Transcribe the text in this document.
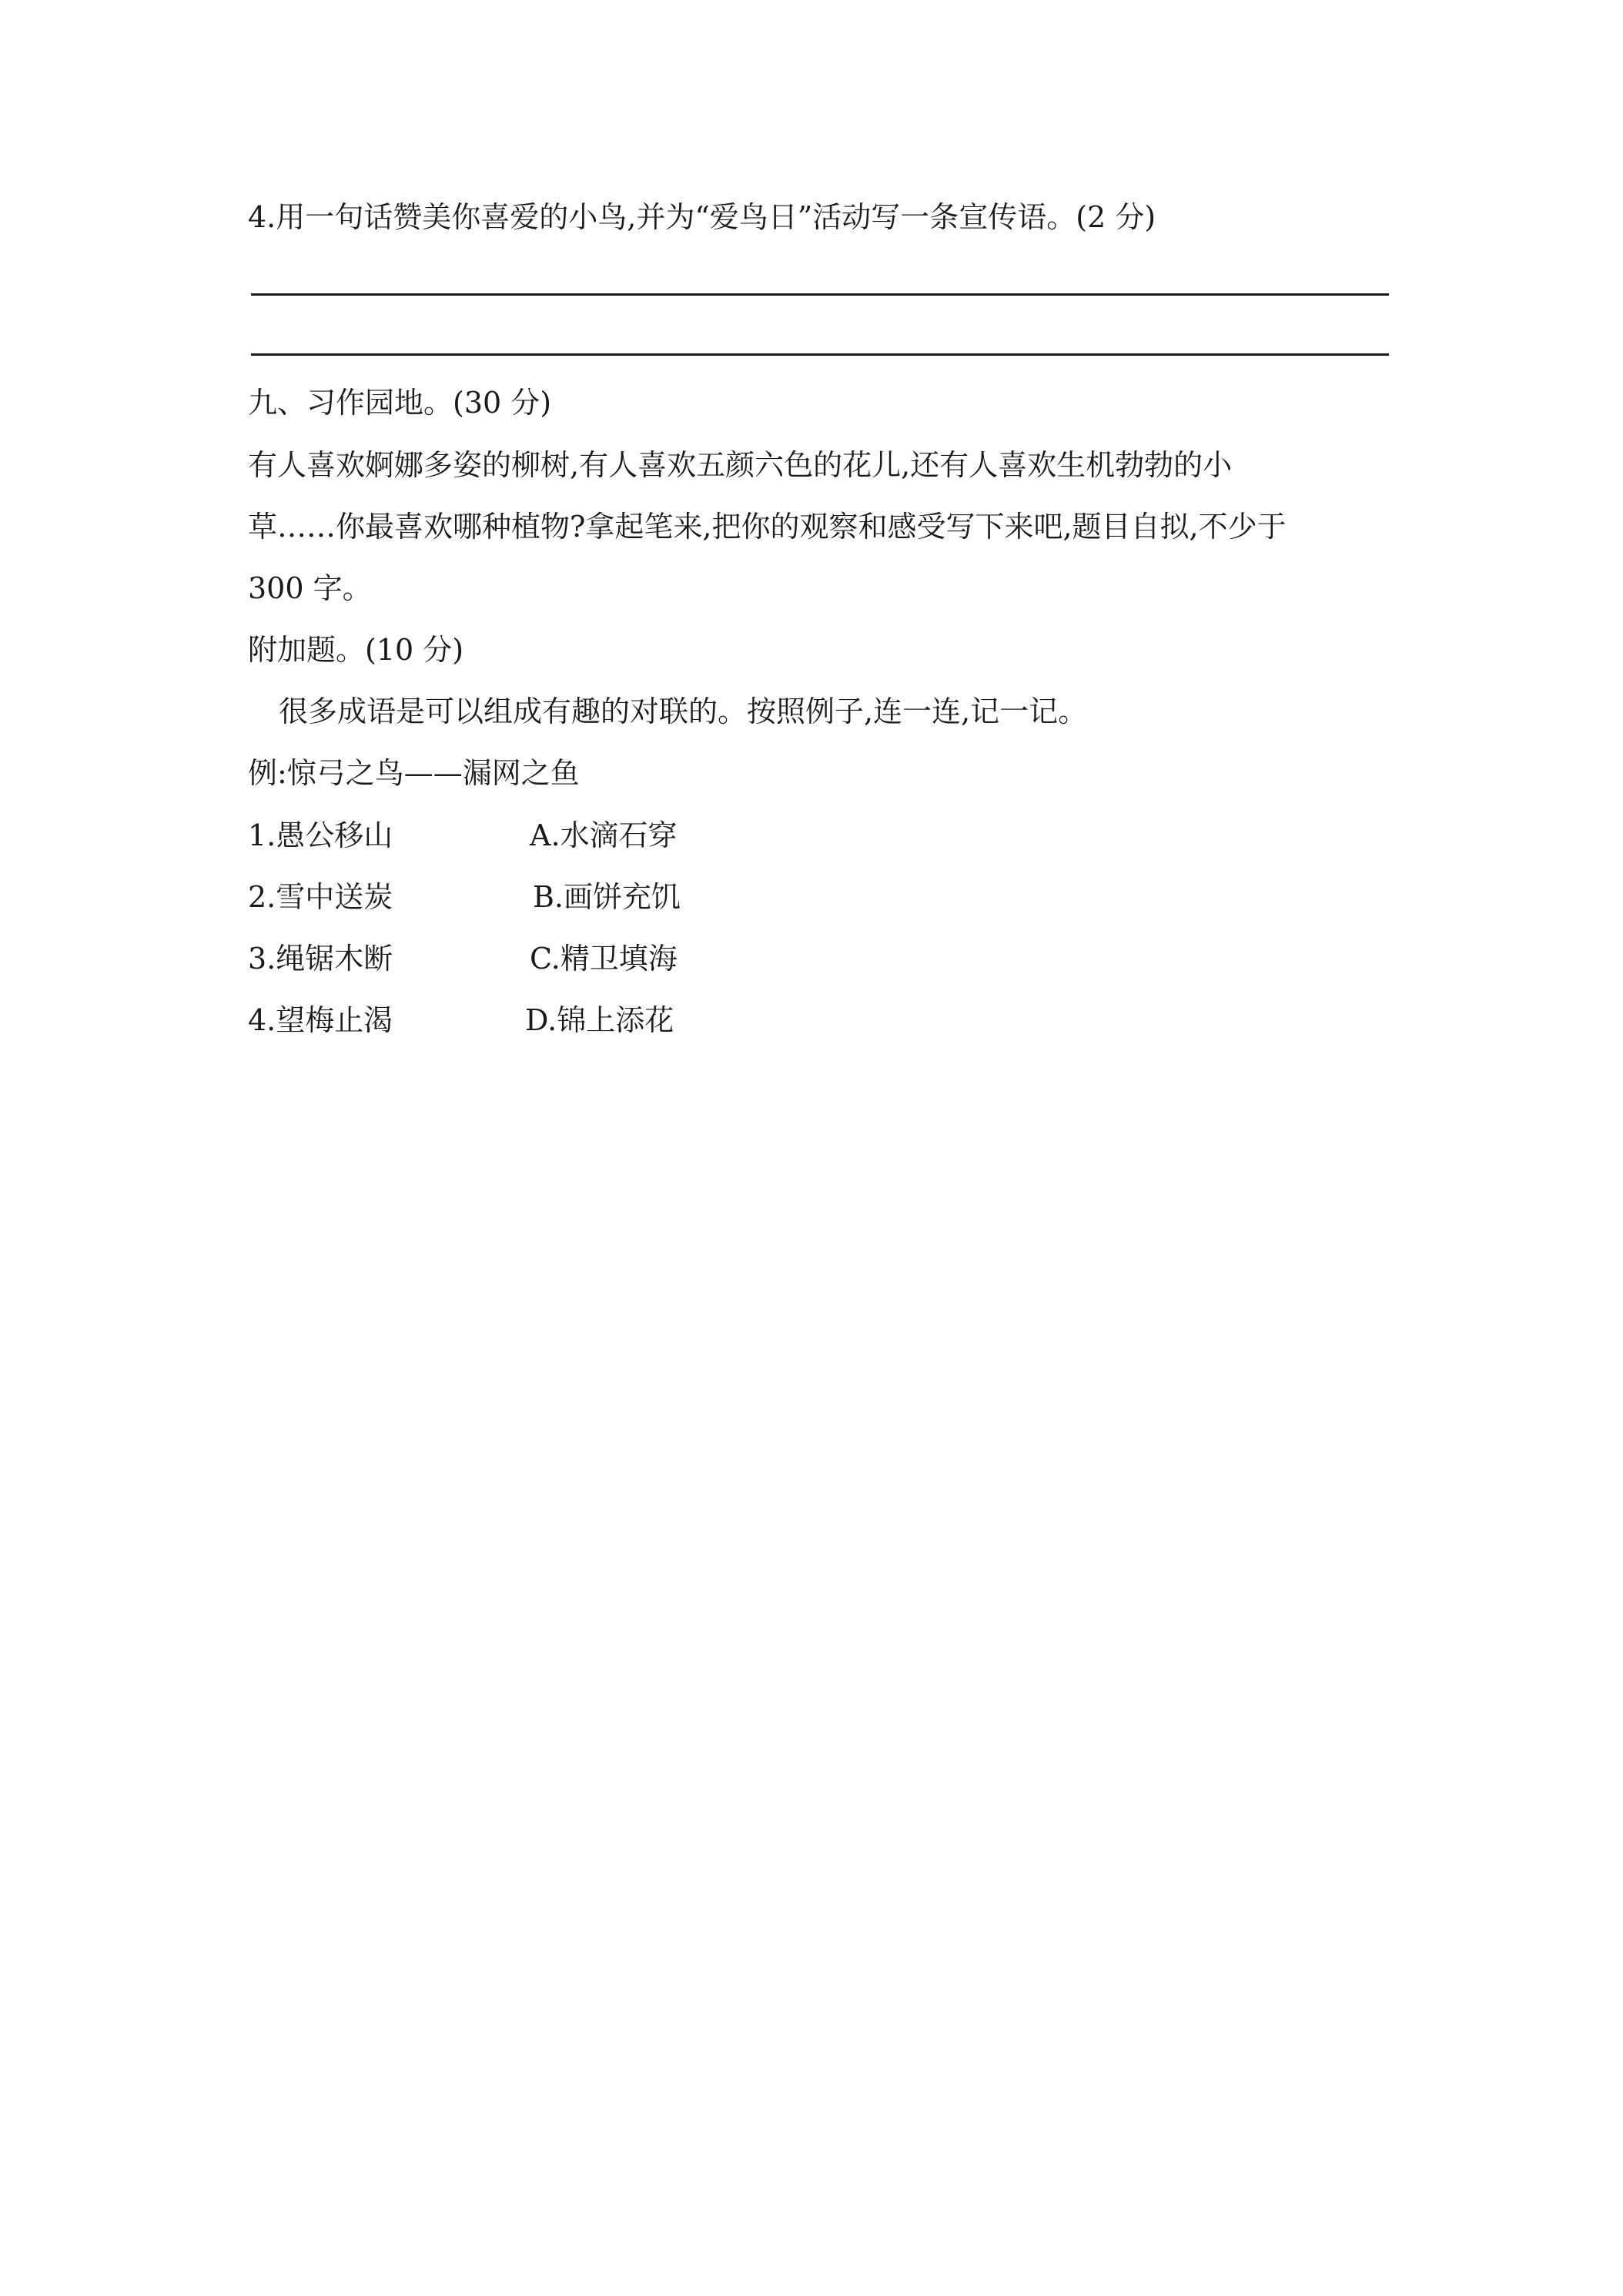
4.用一句话赞美你喜爱的小鸟,并为“爱鸟日”活动写一条宣传语。(2 分)
九、习作园地。(30 分)
有人喜欢婀娜多姿的柳树,有人喜欢五颜六色的花儿,还有人喜欢生机勃勃的小
草……你最喜欢哪种植物?拿起笔来,把你的观察和感受写下来吧,题目自拟,不少于
300 字。
附加题。(10 分)
很多成语是可以组成有趣的对联的。按照例子,连一连,记一记。
例:惊弓之鸟——漏网之鱼
1.愚公移山	A.水滴石穿
2.雪中送炭	B.画饼充饥
3.绳锯木断	C.精卫填海
4.望梅止渴	D.锦上添花
